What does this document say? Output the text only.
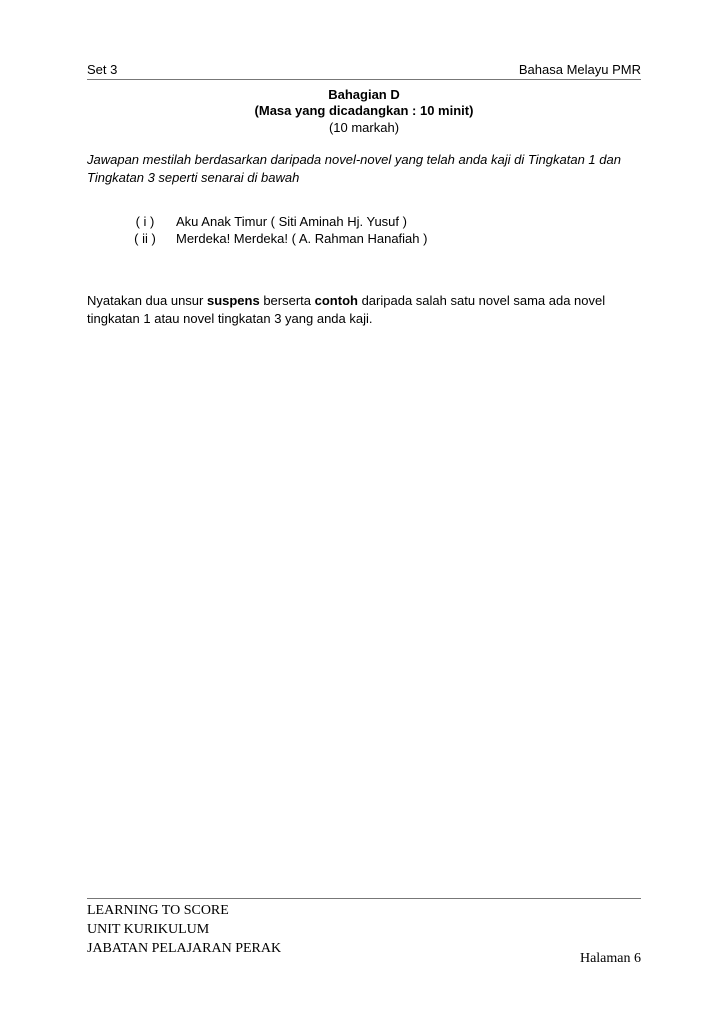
Set 3	Bahasa Melayu PMR
Bahagian D
(Masa yang dicadangkan : 10 minit)
(10 markah)
Jawapan mestilah berdasarkan daripada novel-novel yang telah anda kaji di Tingkatan 1 dan Tingkatan 3 seperti senarai di bawah
( i )	Aku Anak Timur ( Siti Aminah Hj. Yusuf )
( ii )	Merdeka! Merdeka! ( A. Rahman Hanafiah )
Nyatakan dua unsur suspens berserta contoh daripada salah satu novel sama ada novel tingkatan 1 atau novel tingkatan 3 yang anda kaji.
LEARNING TO SCORE
UNIT KURIKULUM
JABATAN PELAJARAN PERAK
Halaman 6
